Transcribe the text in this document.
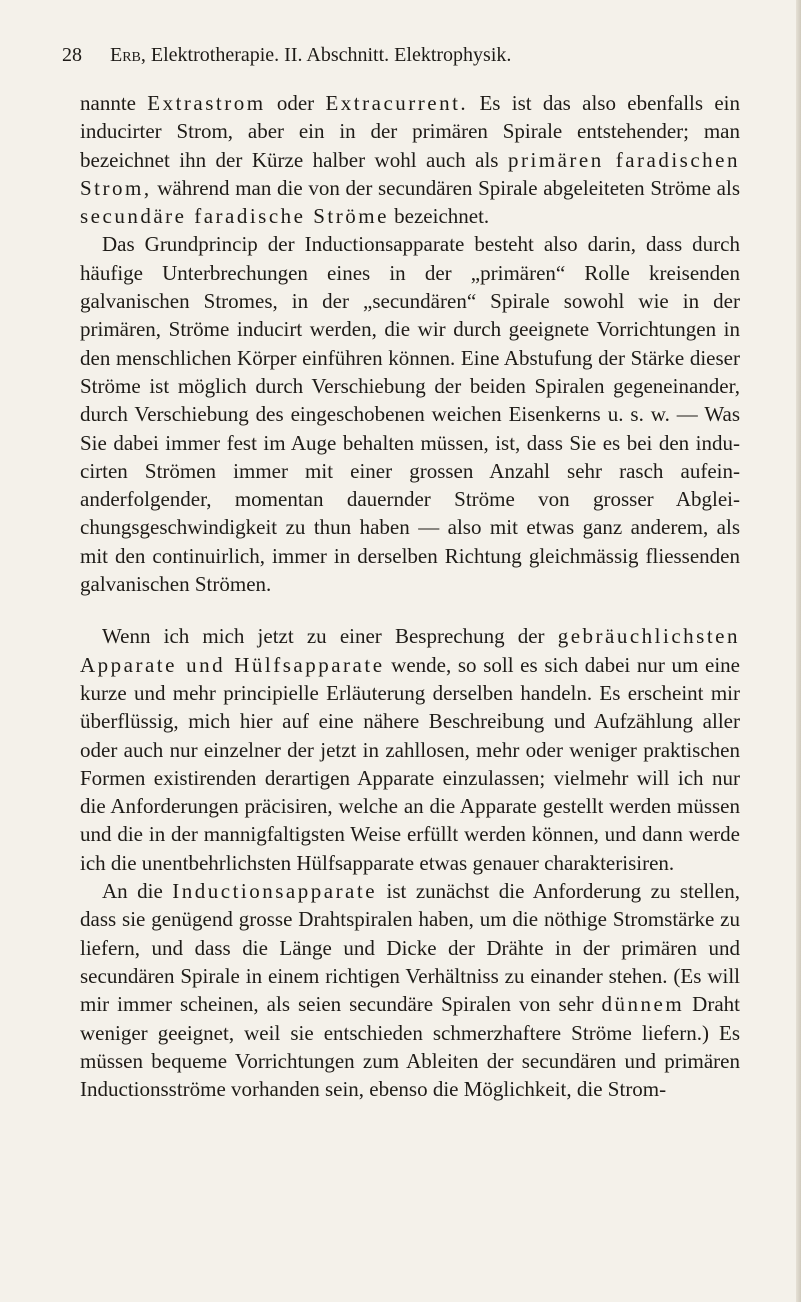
28 Erb, Elektrotherapie. II. Abschnitt. Elektrophysik.

nannte Extrastrom oder Extracurrent. Es ist das also ebenfalls ein inducirter Strom, aber ein in der primären Spirale entstehender; man bezeichnet ihn der Kürze halber wohl auch als primären faradischen Strom, während man die von der secundären Spirale abgeleiteten Ströme als secundäre faradische Ströme bezeichnet.

Das Grundprincip der Inductionsapparate besteht also darin, dass durch häufige Unterbrechungen eines in der „primären“ Rolle kreisenden galvanischen Stromes, in der „secundären“ Spirale sowohl wie in der primären, Ströme inducirt werden, die wir durch geeignete Vorrichtungen in den menschlichen Körper einführen können. Eine Abstufung der Stärke dieser Ströme ist möglich durch Verschiebung der beiden Spiralen gegeneinander, durch Verschiebung des eingeschobenen weichen Eisenkerns u. s. w. — Was Sie dabei immer fest im Auge behalten müssen, ist, dass Sie es bei den inducirten Strömen immer mit einer grossen Anzahl sehr rasch aufeinanderfolgender, momentan dauernder Ströme von grosser Abgleichungsgeschwindigkeit zu thun haben — also mit etwas ganz anderem, als mit den continuirlich, immer in derselben Richtung gleichmässig fliessenden galvanischen Strömen.

Wenn ich mich jetzt zu einer Besprechung der gebräuchlichsten Apparate und Hülfsapparate wende, so soll es sich dabei nur um eine kurze und mehr principielle Erläuterung derselben handeln. Es erscheint mir überflüssig, mich hier auf eine nähere Beschreibung und Aufzählung aller oder auch nur einzelner der jetzt in zahllosen, mehr oder weniger praktischen Formen existirenden derartigen Apparate einzulassen; vielmehr will ich nur die Anforderungen präcisiren, welche an die Apparate gestellt werden müssen und die in der mannigfaltigsten Weise erfüllt werden können, und dann werde ich die unentbehrlichsten Hülfsapparate etwas genauer charakterisiren.

An die Inductionsapparate ist zunächst die Anforderung zu stellen, dass sie genügend grosse Drahtspiralen haben, um die nöthige Stromstärke zu liefern, und dass die Länge und Dicke der Drähte in der primären und secundären Spirale in einem richtigen Verhältniss zu einander stehen. (Es will mir immer scheinen, als seien secundäre Spiralen von sehr dünnem Draht weniger geeignet, weil sie entschieden schmerzhaftere Ströme liefern.) Es müssen bequeme Vorrichtungen zum Ableiten der secundären und primären Inductionsströme vorhanden sein, ebenso die Möglichkeit, die Strom-
